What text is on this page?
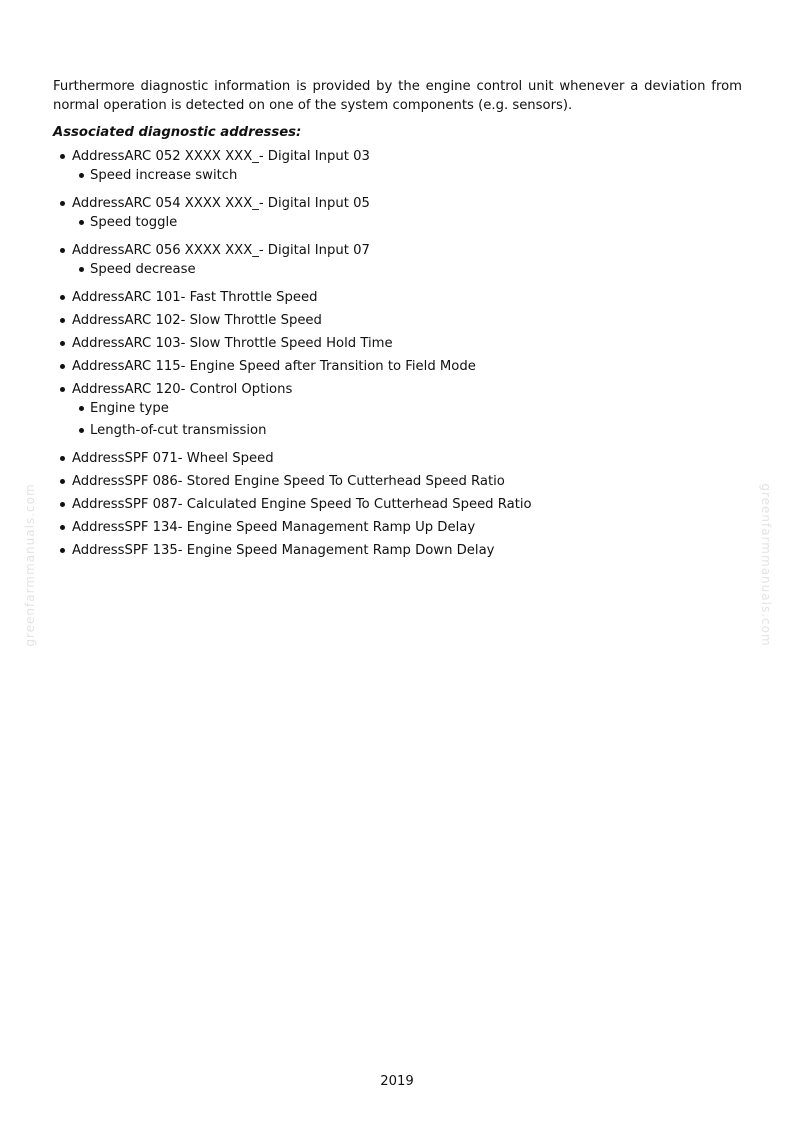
Furthermore diagnostic information is provided by the engine control unit whenever a deviation from normal operation is detected on one of the system components (e.g. sensors).

Associated diagnostic addresses:
AddressARC 052 XXXX XXX_- Digital Input 03
Speed increase switch
AddressARC 054 XXXX XXX_- Digital Input 05
Speed toggle
AddressARC 056 XXXX XXX_- Digital Input 07
Speed decrease
AddressARC 101- Fast Throttle Speed
AddressARC 102- Slow Throttle Speed
AddressARC 103- Slow Throttle Speed Hold Time
AddressARC 115- Engine Speed after Transition to Field Mode
AddressARC 120- Control Options
Engine type
Length-of-cut transmission
AddressSPF 071- Wheel Speed
AddressSPF 086- Stored Engine Speed To Cutterhead Speed Ratio
AddressSPF 087- Calculated Engine Speed To Cutterhead Speed Ratio
AddressSPF 134- Engine Speed Management Ramp Up Delay
AddressSPF 135- Engine Speed Management Ramp Down Delay
greenfarmmanuals.com	greenfarmmanuals.com
2019
